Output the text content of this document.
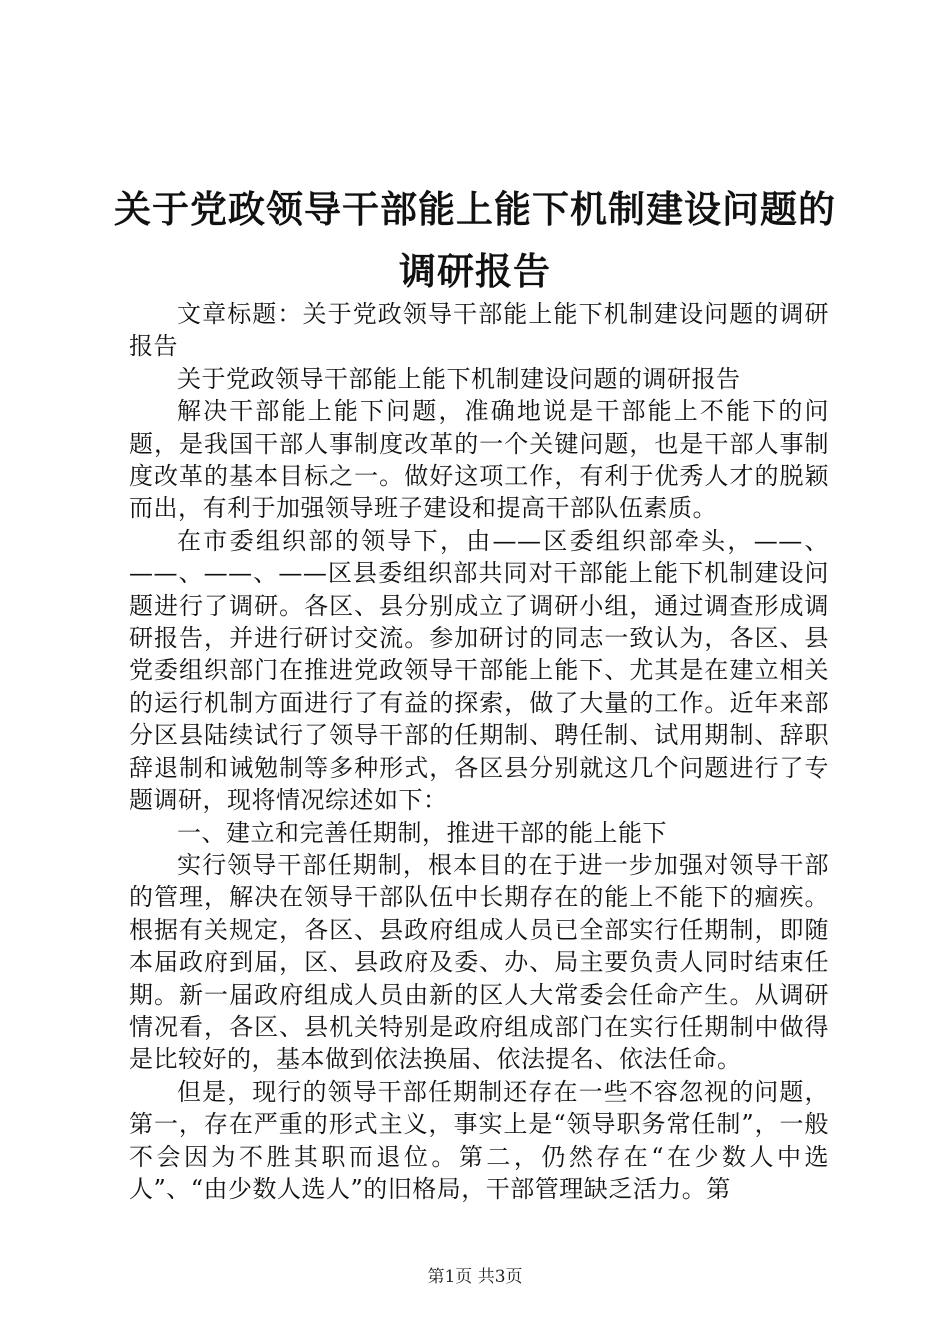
关于党政领导干部能上能下机制建设问题的调研报告

文章标题：关于党政领导干部能上能下机制建设问题的调研报告

关于党政领导干部能上能下机制建设问题的调研报告

解决干部能上能下问题，准确地说是干部能上不能下的问题，是我国干部人事制度改革的一个关键问题，也是干部人事制度改革的基本目标之一。做好这项工作，有利于优秀人才的脱颖而出，有利于加强领导班子建设和提高干部队伍素质。

在市委组织部的领导下，由——区委组织部牵头，——、——、——、——区县委组织部共同对干部能上能下机制建设问题进行了调研。各区、县分别成立了调研小组，通过调查形成调研报告，并进行研讨交流。参加研讨的同志一致认为，各区、县党委组织部门在推进党政领导干部能上能下、尤其是在建立相关的运行机制方面进行了有益的探索，做了大量的工作。近年来部分区县陆续试行了领导干部的任期制、聘任制、试用期制、辞职辞退制和诫勉制等多种形式，各区县分别就这几个问题进行了专题调研，现将情况综述如下：

一、建立和完善任期制，推进干部的能上能下

实行领导干部任期制，根本目的在于进一步加强对领导干部的管理，解决在领导干部队伍中长期存在的能上不能下的痼疾。根据有关规定，各区、县政府组成人员已全部实行任期制，即随本届政府到届，区、县政府及委、办、局主要负责人同时结束任期。新一届政府组成人员由新的区人大常委会任命产生。从调研情况看，各区、县机关特别是政府组成部门在实行任期制中做得是比较好的，基本做到依法换届、依法提名、依法任命。

但是，现行的领导干部任期制还存在一些不容忽视的问题，第一，存在严重的形式主义，事实上是“领导职务常任制”，一般不会因为不胜其职而退位。第二，仍然存在“在少数人中选人”、“由少数人选人”的旧格局，干部管理缺乏活力。第

第1页 共3页
